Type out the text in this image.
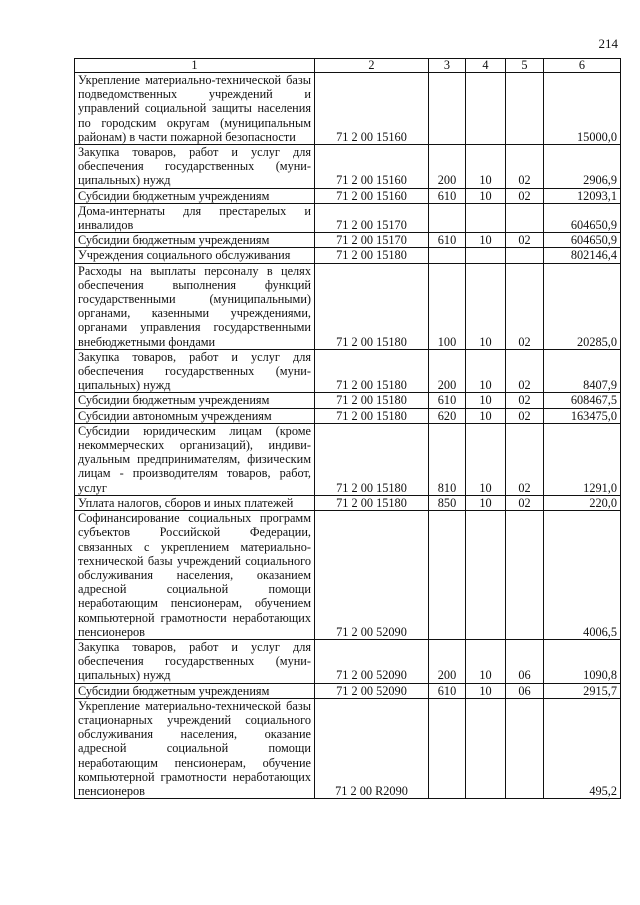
214
1	2	3	4	5	6
Укрепление материально-технической базы подведомственных учреждений и управлений социальной защиты населения по городским округам (муниципальным районам) в части пожарной безопасности	71 2 00 15160				15000,0
Закупка товаров, работ и услуг для обеспечения государственных (муниципальных) нужд	71 2 00 15160	200	10	02	2906,9
Субсидии бюджетным учреждениям	71 2 00 15160	610	10	02	12093,1
Дома-интернаты для престарелых и инвалидов	71 2 00 15170				604650,9
Субсидии бюджетным учреждениям	71 2 00 15170	610	10	02	604650,9
Учреждения социального обслуживания	71 2 00 15180				802146,4
Расходы на выплаты персоналу в целях обеспечения выполнения функций государственными (муниципальными) органами, казенными учреждениями, органами управления государственными внебюджетными фондами	71 2 00 15180	100	10	02	20285,0
Закупка товаров, работ и услуг для обеспечения государственных (муниципальных) нужд	71 2 00 15180	200	10	02	8407,9
Субсидии бюджетным учреждениям	71 2 00 15180	610	10	02	608467,5
Субсидии автономным учреждениям	71 2 00 15180	620	10	02	163475,0
Субсидии юридическим лицам (кроме некоммерческих организаций), индивидуальным предпринимателям, физическим лицам - производителям товаров, работ, услуг	71 2 00 15180	810	10	02	1291,0
Уплата налогов, сборов и иных платежей	71 2 00 15180	850	10	02	220,0
Софинансирование социальных программ субъектов Российской Федерации, связанных с укреплением материально-технической базы учреждений социального обслуживания населения, оказанием адресной социальной помощи неработающим пенсионерам, обучением компьютерной грамотности неработающих пенсионеров	71 2 00 52090				4006,5
Закупка товаров, работ и услуг для обеспечения государственных (муниципальных) нужд	71 2 00 52090	200	10	06	1090,8
Субсидии бюджетным учреждениям	71 2 00 52090	610	10	06	2915,7
Укрепление материально-технической базы стационарных учреждений социального обслуживания населения, оказание адресной социальной помощи неработающим пенсионерам, обучение компьютерной грамотности неработающих пенсионеров	71 2 00 R2090				495,2
